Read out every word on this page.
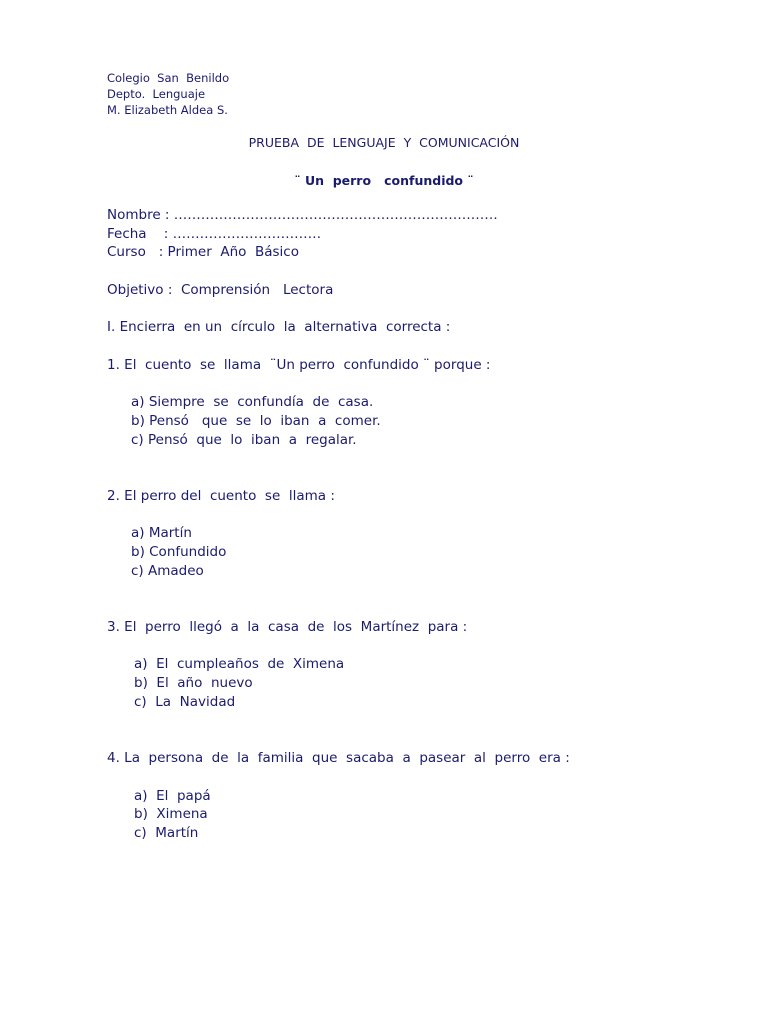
Colegio  San  Benildo
Depto.  Lenguaje
M. Elizabeth Aldea S.
PRUEBA  DE  LENGUAJE  Y  COMUNICACIÓN
¨ Un  perro   confundido ¨
Nombre : ………………………………………………………………
Fecha    : ……………………………
Curso   : Primer  Año  Básico
Objetivo :  Comprensión   Lectora
I. Encierra  en un  círculo  la  alternativa  correcta :
1. El  cuento  se  llama  ¨Un perro  confundido ¨ porque :
a) Siempre  se  confundía  de  casa.
b) Pensó   que  se  lo  iban  a  comer.
c) Pensó  que  lo  iban  a  regalar.
2. El perro del  cuento  se  llama :
a) Martín
b) Confundido
c) Amadeo
3. El  perro  llegó  a  la  casa  de  los  Martínez  para :
a)  El  cumpleaños  de  Ximena
b)  El  año  nuevo
c)  La  Navidad
4. La  persona  de  la  familia  que  sacaba  a  pasear  al  perro  era :
a)  El  papá
b)  Ximena
c)  Martín
